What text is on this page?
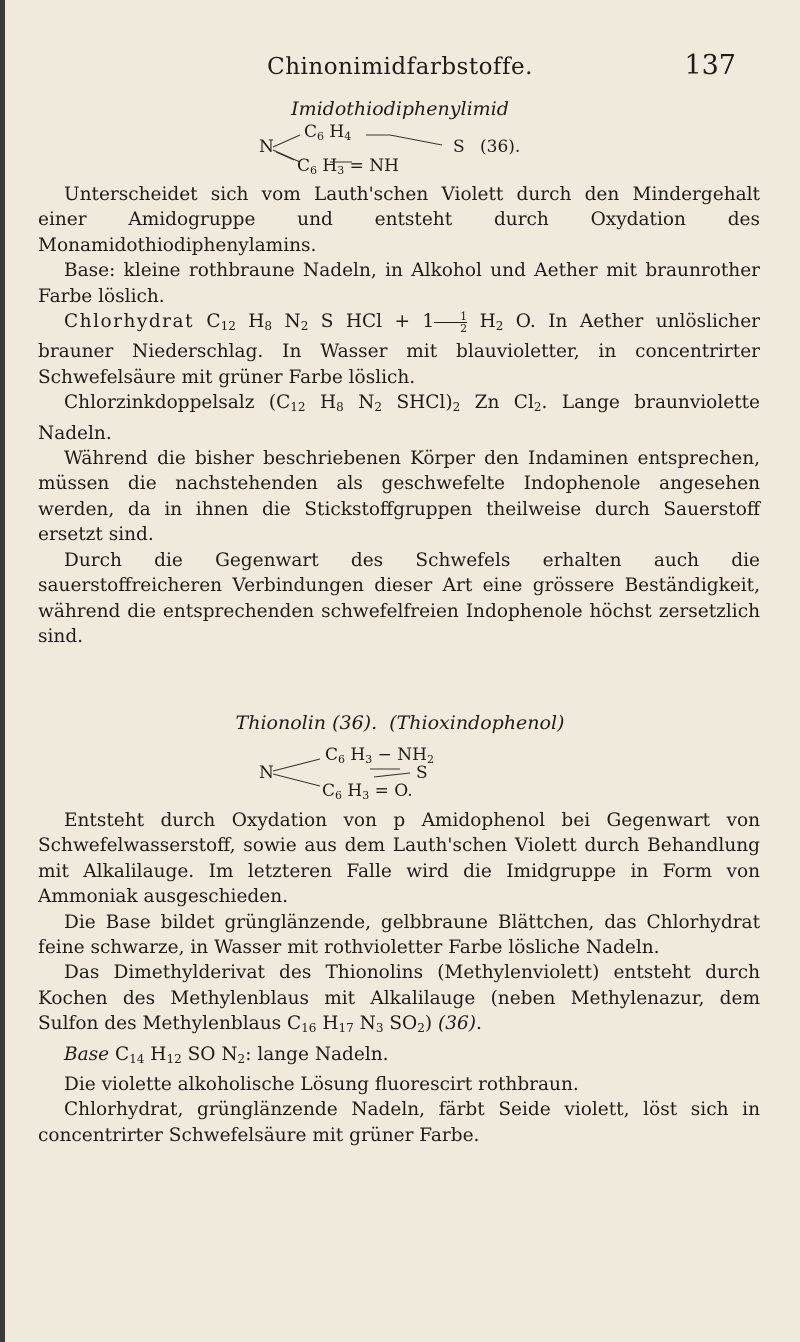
Chinonimidfarbstoffe.	137
Imidothiodiphenylimid
N
$C_6$ $H_4$
S (36).
$C_6$ $H_3$ = NH

Unterscheidet sich vom Lauth'schen Violett durch den Mindergehalt einer Amidogruppe und entsteht durch Oxydation des Monamidothiodiphenylamins.

Base: kleine rothbraune Nadeln, in Alkohol und Aether mit braunrother Farbe löslich.

Chlorhydrat $C_{12}$ $H_8$ $N_2$ S HCl + $1 \frac{1}{2} H_2$ O. In Aether unlöslicher brauner Niederschlag. In Wasser mit blauvioletter, in concentrirter Schwefelsäure mit grüner Farbe löslich.

Chlorzinkdoppelsalz ($C_{12}$ $H_8$ $N_2$ $SHCl)_2$ Zn $Cl_2$. Lange braunviolette Nadeln.

Während die bisher beschriebenen Körper den Indaminen entsprechen, müssen die nachstehenden als geschwefelte Indophenole angesehen werden, da in ihnen die Stickstoffgruppen theilweise durch Sauerstoff ersetzt sind.

Durch die Gegenwart des Schwefels erhalten auch die sauerstoffreicheren Verbindungen dieser Art eine grössere Beständigkeit, während die entsprechenden schwefelfreien Indophenole höchst zersetzlich sind.

Thionolin (36).  (Thioxindophenol)
N
$C_6$ $H_3 - NH_2$
S
$C_6$ $H_3 = O$.

Entsteht durch Oxydation von p Amidophenol bei Gegenwart von Schwefelwasserstoff, sowie aus dem Lauth'schen Violett durch Behandlung mit Alkalilauge. Im letzteren Falle wird die Imidgruppe in Form von Ammoniak ausgeschieden.

Die Base bildet grünglänzende, gelbbraune Blättchen, das Chlorhydrat feine schwarze, in Wasser mit rothvioletter Farbe lösliche Nadeln.

Das Dimethylderivat des Thionolins (Methylenviolett) entsteht durch Kochen des Methylenblaus mit Alkalilauge (neben Methylenazur, dem Sulfon des Methylenblaus $C_{16}$ $H_{17}$ $N_3$ $SO_2$) (36).

Base $C_{14}$ $H_{12}$ SO $N_2$: lange Nadeln.

Die violette alkoholische Lösung fluorescirt rothbraun.

Chlorhydrat, grünglänzende Nadeln, färbt Seide violett, löst sich in concentrirter Schwefelsäure mit grüner Farbe.
